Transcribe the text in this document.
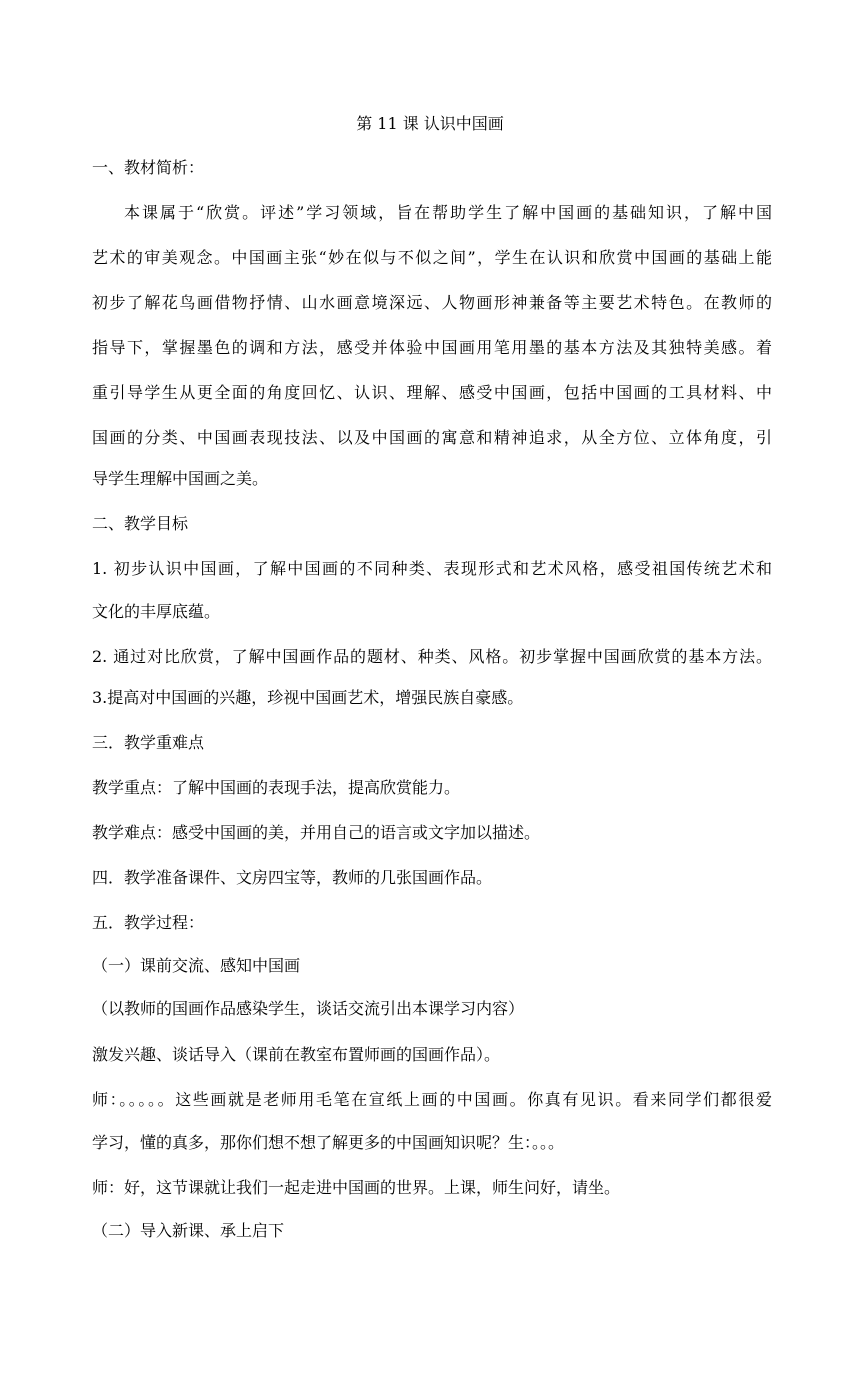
第 11 课 认识中国画
一、教材简析：
本课属于“欣赏。评述”学习领域，旨在帮助学生了解中国画的基础知识，了解中国
艺术的审美观念。中国画主张“妙在似与不似之间”，学生在认识和欣赏中国画的基础上能
初步了解花鸟画借物抒情、山水画意境深远、人物画形神兼备等主要艺术特色。在教师的
指导下，掌握墨色的调和方法，感受并体验中国画用笔用墨的基本方法及其独特美感。着
重引导学生从更全面的角度回忆、认识、理解、感受中国画，包括中国画的工具材料、中
国画的分类、中国画表现技法、以及中国画的寓意和精神追求，从全方位、立体角度，引
导学生理解中国画之美。
二、教学目标
1. 初步认识中国画，了解中国画的不同种类、表现形式和艺术风格，感受祖国传统艺术和
文化的丰厚底蕴。
2. 通过对比欣赏，了解中国画作品的题材、种类、风格。初步掌握中国画欣赏的基本方法。
3.提高对中国画的兴趣，珍视中国画艺术，增强民族自豪感。
三．教学重难点
教学重点：了解中国画的表现手法，提高欣赏能力。
教学难点：感受中国画的美，并用自己的语言或文字加以描述。
四．教学准备课件、文房四宝等，教师的几张国画作品。
五．教学过程：
（一）课前交流、感知中国画
（以教师的国画作品感染学生，谈话交流引出本课学习内容）
激发兴趣、谈话导入（课前在教室布置师画的国画作品）。
师：。。。。。这些画就是老师用毛笔在宣纸上画的中国画。你真有见识。看来同学们都很爱
学习，懂的真多，那你们想不想了解更多的中国画知识呢？生：。。。
师：好，这节课就让我们一起走进中国画的世界。上课，师生问好，请坐。
（二）导入新课、承上启下
